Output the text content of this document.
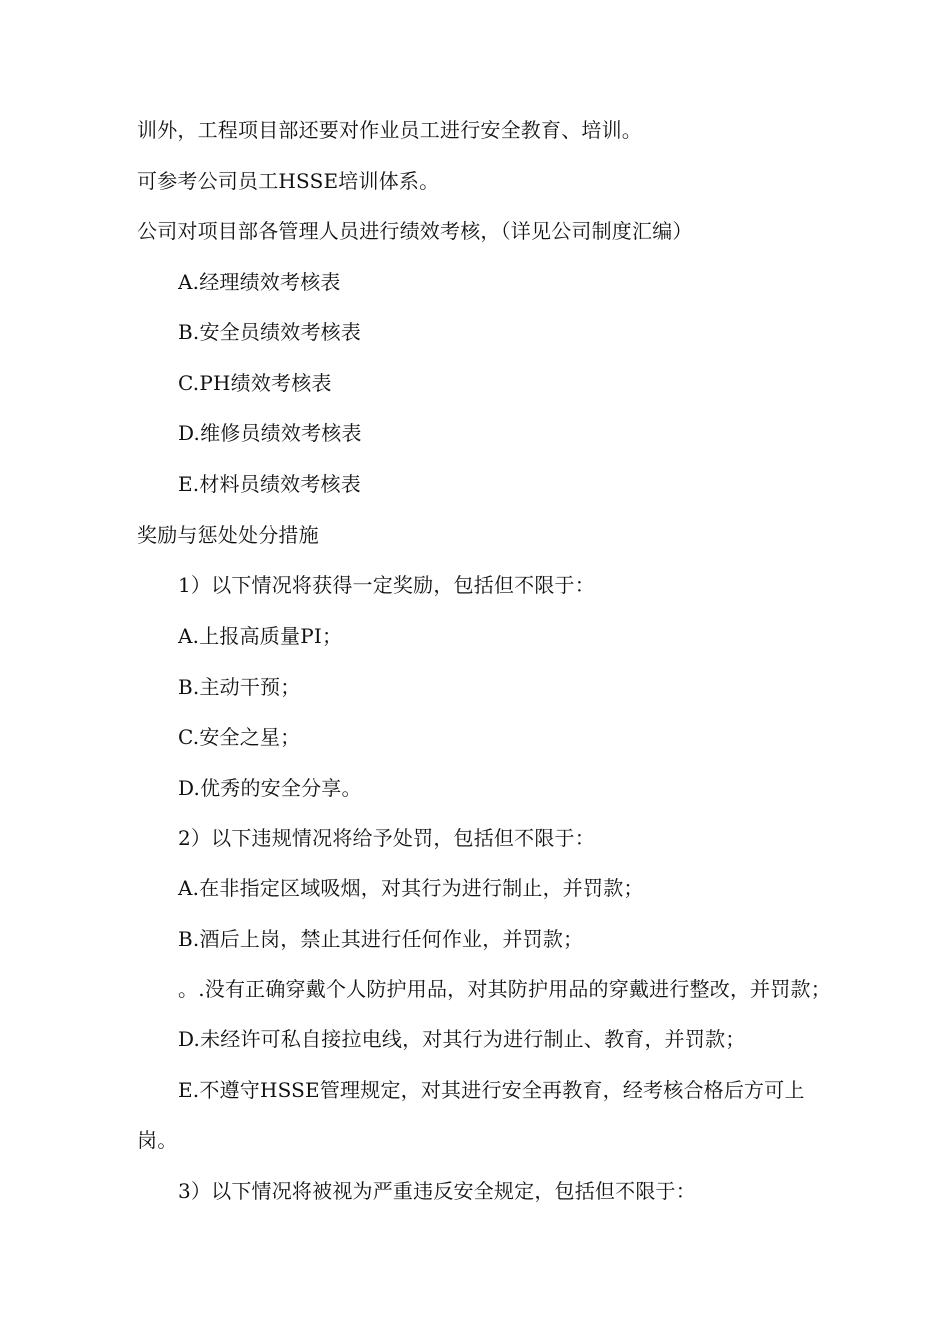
训外，工程项目部还要对作业员工进行安全教育、培训。
可参考公司员工HSSE培训体系。
公司对项目部各管理人员进行绩效考核，（详见公司制度汇编）
A.经理绩效考核表
B.安全员绩效考核表
C.PH绩效考核表
D.维修员绩效考核表
E.材料员绩效考核表
奖励与惩处处分措施
1）以下情况将获得一定奖励，包括但不限于：
A.上报高质量PI；
B.主动干预；
C.安全之星；
D.优秀的安全分享。
2）以下违规情况将给予处罚，包括但不限于：
A.在非指定区域吸烟，对其行为进行制止，并罚款；
B.酒后上岗，禁止其进行任何作业，并罚款；
。.没有正确穿戴个人防护用品，对其防护用品的穿戴进行整改，并罚款；
D.未经许可私自接拉电线，对其行为进行制止、教育，并罚款；
E.不遵守HSSE管理规定，对其进行安全再教育，经考核合格后方可上
岗。
3）以下情况将被视为严重违反安全规定，包括但不限于：
